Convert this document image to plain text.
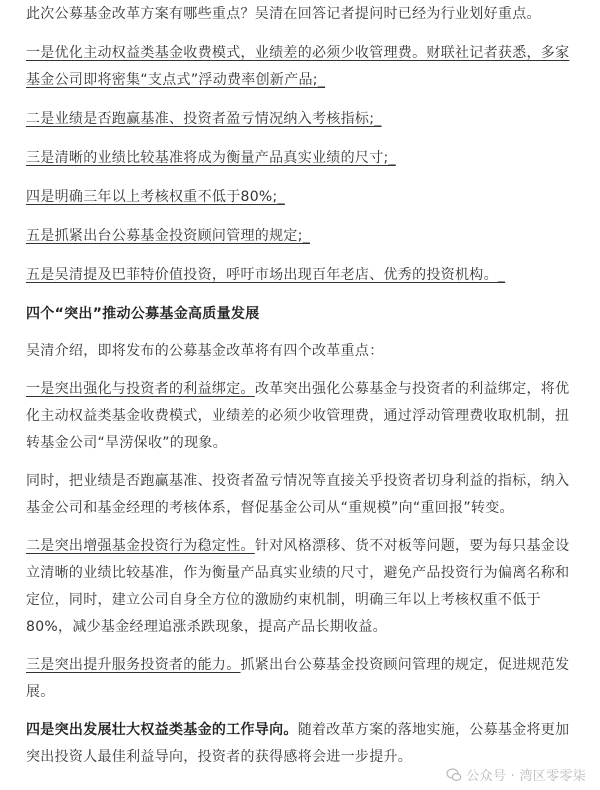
此次公募基金改革方案有哪些重点？吴清在回答记者提问时已经为行业划好重点。

一是优化主动权益类基金收费模式，业绩差的必须少收管理费。财联社记者获悉，多家基金公司即将密集“支点式”浮动费率创新产品;_

二是业绩是否跑赢基准、投资者盈亏情况纳入考核指标;_

三是清晰的业绩比较基准将成为衡量产品真实业绩的尺寸;_

四是明确三年以上考核权重不低于80%;_

五是抓紧出台公募基金投资顾问管理的规定;_

五是吴清提及巴菲特价值投资，呼吁市场出现百年老店、优秀的投资机构。_

四个“突出”推动公募基金高质量发展

吴清介绍，即将发布的公募基金改革将有四个改革重点：

一是突出强化与投资者的利益绑定。改革突出强化公募基金与投资者的利益绑定，将优化主动权益类基金收费模式，业绩差的必须少收管理费，通过浮动管理费收取机制，扭转基金公司“旱涝保收”的现象。

同时，把业绩是否跑赢基准、投资者盈亏情况等直接关乎投资者切身利益的指标，纳入基金公司和基金经理的考核体系，督促基金公司从“重规模”向“重回报”转变。

二是突出增强基金投资行为稳定性。针对风格漂移、货不对板等问题，要为每只基金设立清晰的业绩比较基准，作为衡量产品真实业绩的尺寸，避免产品投资行为偏离名称和定位，同时，建立公司自身全方位的激励约束机制，明确三年以上考核权重不低于80%，减少基金经理追涨杀跌现象，提高产品长期收益。

三是突出提升服务投资者的能力。抓紧出台公募基金投资顾问管理的规定，促进规范发展。

四是突出发展壮大权益类基金的工作导向。随着改革方案的落地实施，公募基金将更加突出投资人最佳利益导向，投资者的获得感将会进一步提升。

公众号 · 湾区零零柒
